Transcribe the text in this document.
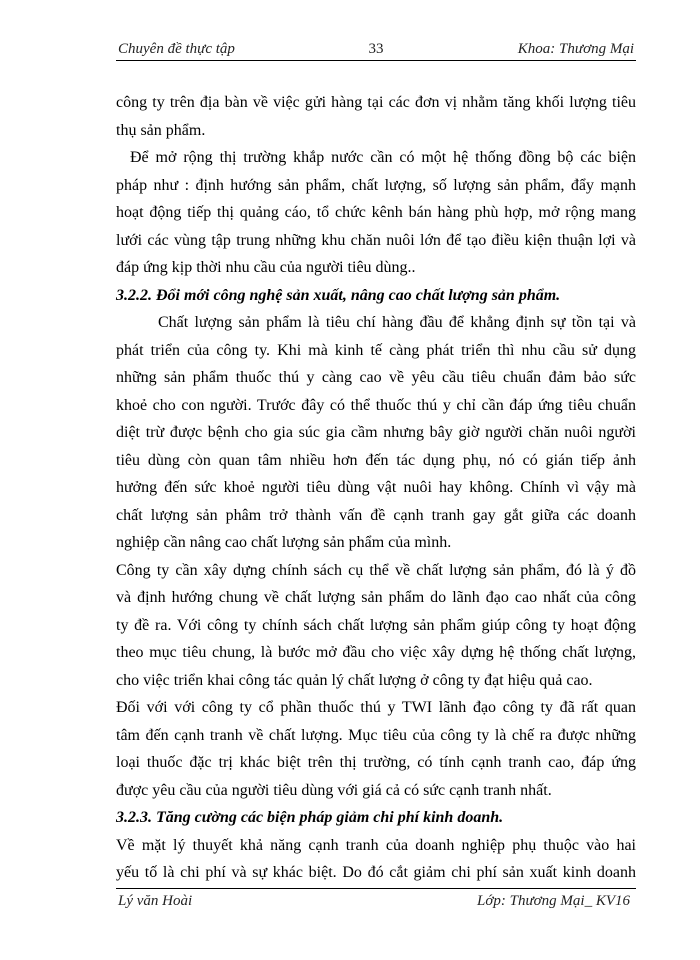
Chuyên đề thực tập	33	Khoa: Thương Mại
công ty trên địa bàn về việc gửi hàng tại các đơn vị nhằm tăng khối lượng tiêu
thụ sản phẩm.
Để mở rộng thị trường khắp nước cần có một hệ thống đồng bộ các biện
pháp như : định hướng sản phẩm, chất lượng, số lượng sản phẩm, đẩy mạnh
hoạt động tiếp thị quảng cáo, tổ chức kênh bán hàng phù hợp, mở rộng mang
lưới các vùng tập trung những khu chăn nuôi lớn để tạo điều kiện thuận lợi và
đáp ứng kịp thời nhu cầu của người tiêu dùng..
3.2.2. Đổi mới công nghệ sản xuất, nâng cao chất lượng sản phẩm.
Chất lượng sản phẩm là tiêu chí hàng đầu để khẳng định sự tồn tại và
phát triển của công ty. Khi mà kinh tế càng phát triển thì nhu cầu sử dụng
những sản phẩm thuốc thú y càng cao về yêu cầu tiêu chuẩn đảm bảo sức
khoẻ cho con người. Trước đây có thể thuốc thú y chỉ cần đáp ứng tiêu chuẩn
diệt trừ được bệnh cho gia súc gia cầm nhưng bây giờ người chăn nuôi người
tiêu dùng còn quan tâm nhiều hơn đến tác dụng phụ, nó có gián tiếp ảnh
hưởng đến sức khoẻ người tiêu dùng vật nuôi hay không. Chính vì vậy mà
chất lượng sản phâm trở thành vấn đề cạnh tranh gay gắt giữa các doanh
nghiệp cần nâng cao chất lượng sản phẩm của mình.
Công ty cần xây dựng chính sách cụ thể về chất lượng sản phẩm, đó là ý đồ
và định hướng chung về chất lượng sản phẩm do lãnh đạo cao nhất của công
ty đề ra. Với công ty chính sách chất lượng sản phẩm giúp công ty hoạt động
theo mục tiêu chung, là bước mở đầu cho việc xây dựng hệ thống chất lượng,
cho việc triển khai công tác quản lý chất lượng ở công ty đạt hiệu quả cao.
Đối với với công ty cổ phần thuốc thú y TWI lãnh đạo công ty đã rất quan
tâm đến cạnh tranh về chất lượng. Mục tiêu của công ty là chế ra được những
loại thuốc đặc trị khác biệt trên thị trường, có tính cạnh tranh cao, đáp ứng
được yêu cầu của người tiêu dùng với giá cả có sức cạnh tranh nhất.
3.2.3. Tăng cường các biện pháp giảm chi phí kinh doanh.
Về mặt lý thuyết khả năng cạnh tranh của doanh nghiệp phụ thuộc vào hai
yếu tố là chi phí và sự khác biệt. Do đó cắt giảm chi phí sản xuất kinh doanh
Lý văn Hoài	Lớp: Thương Mại_ KV16
